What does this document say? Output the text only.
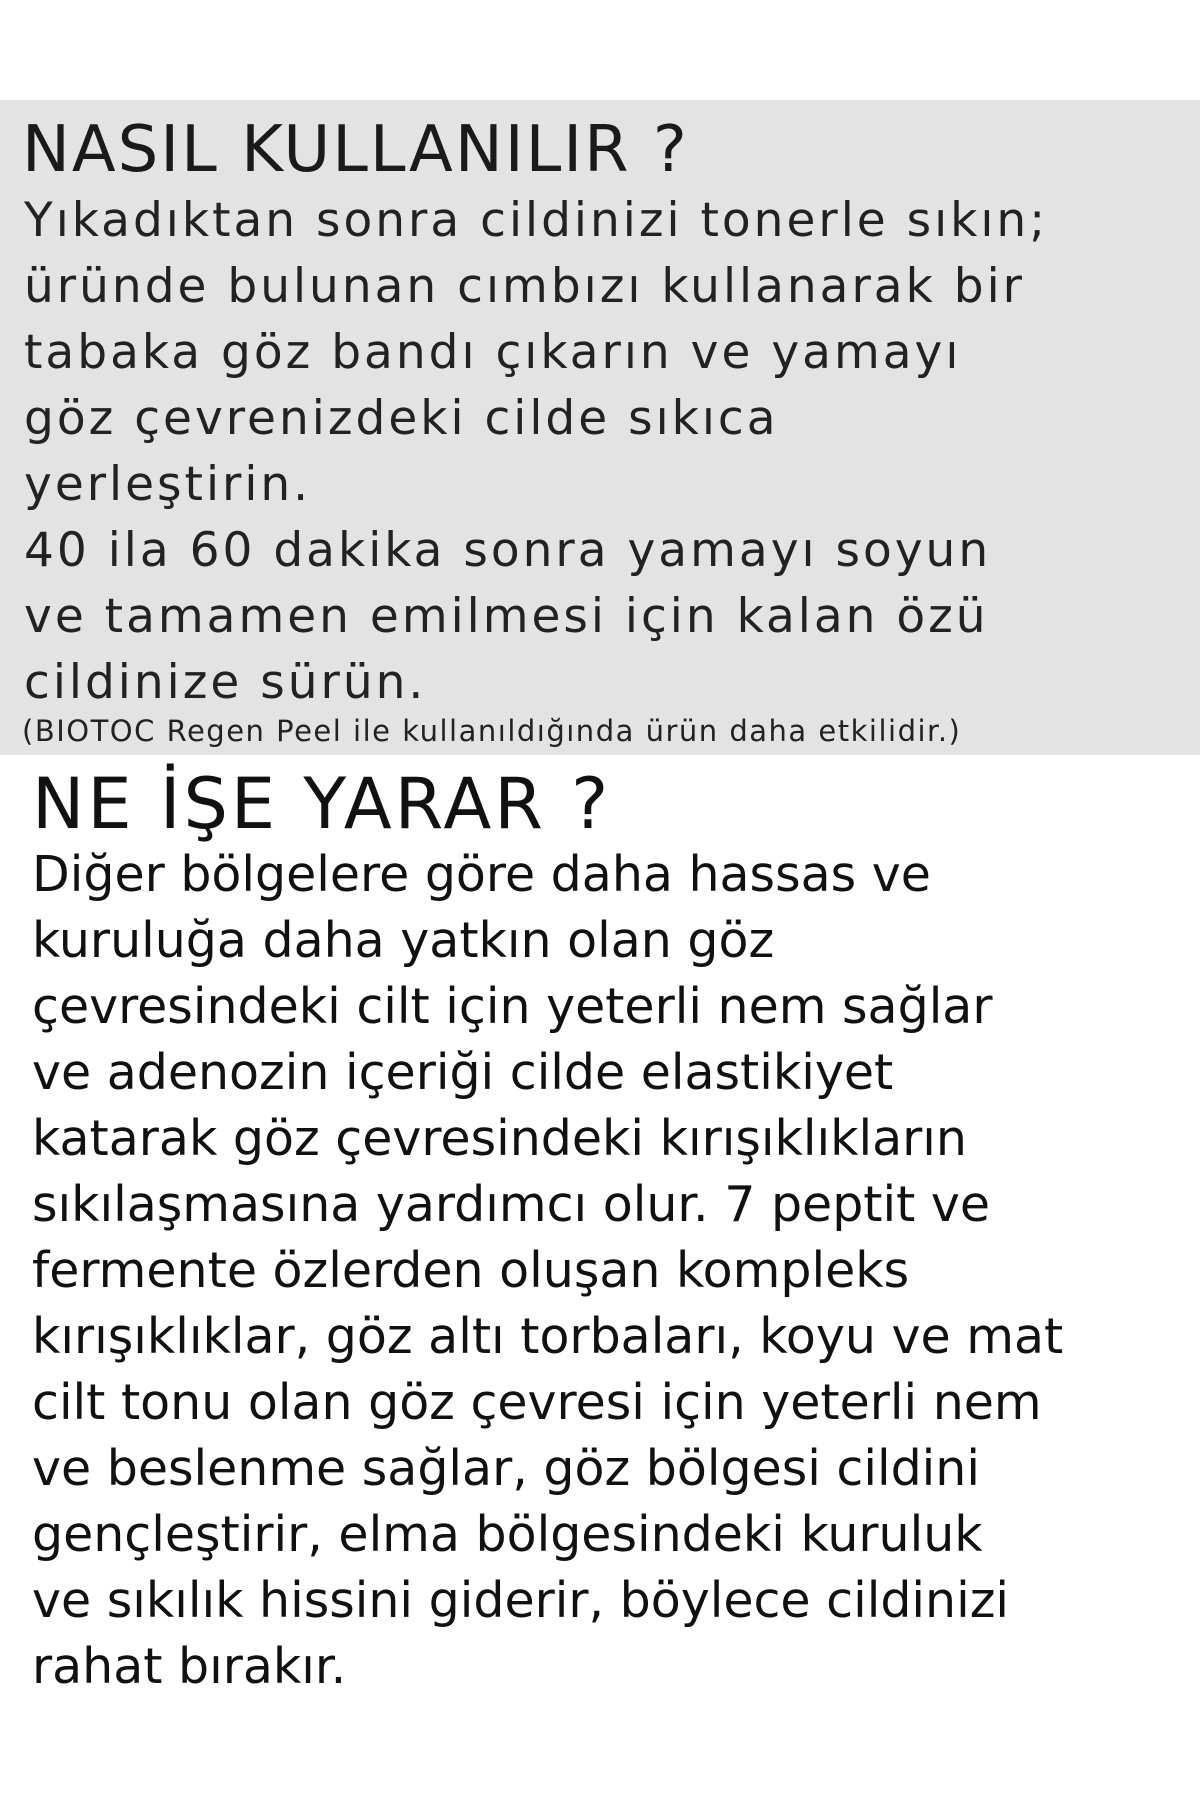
NASIL KULLANILIR ?
Yıkadıktan sonra cildinizi tonerle sıkın;
üründe bulunan cımbızı kullanarak bir
tabaka göz bandı çıkarın ve yamayı
göz çevrenizdeki cilde sıkıca
yerleştirin.
40 ila 60 dakika sonra yamayı soyun
ve tamamen emilmesi için kalan özü
cildinize sürün.
(BIOTOC Regen Peel ile kullanıldığında ürün daha etkilidir.)
NE İŞE YARAR ?
Diğer bölgelere göre daha hassas ve
kuruluğa daha yatkın olan göz
çevresindeki cilt için yeterli nem sağlar
ve adenozin içeriği cilde elastikiyet
katarak göz çevresindeki kırışıklıkların
sıkılaşmasına yardımcı olur. 7 peptit ve
fermente özlerden oluşan kompleks
kırışıklıklar, göz altı torbaları, koyu ve mat
cilt tonu olan göz çevresi için yeterli nem
ve beslenme sağlar, göz bölgesi cildini
gençleştirir, elma bölgesindeki kuruluk
ve sıkılık hissini giderir, böylece cildinizi
rahat bırakır.
